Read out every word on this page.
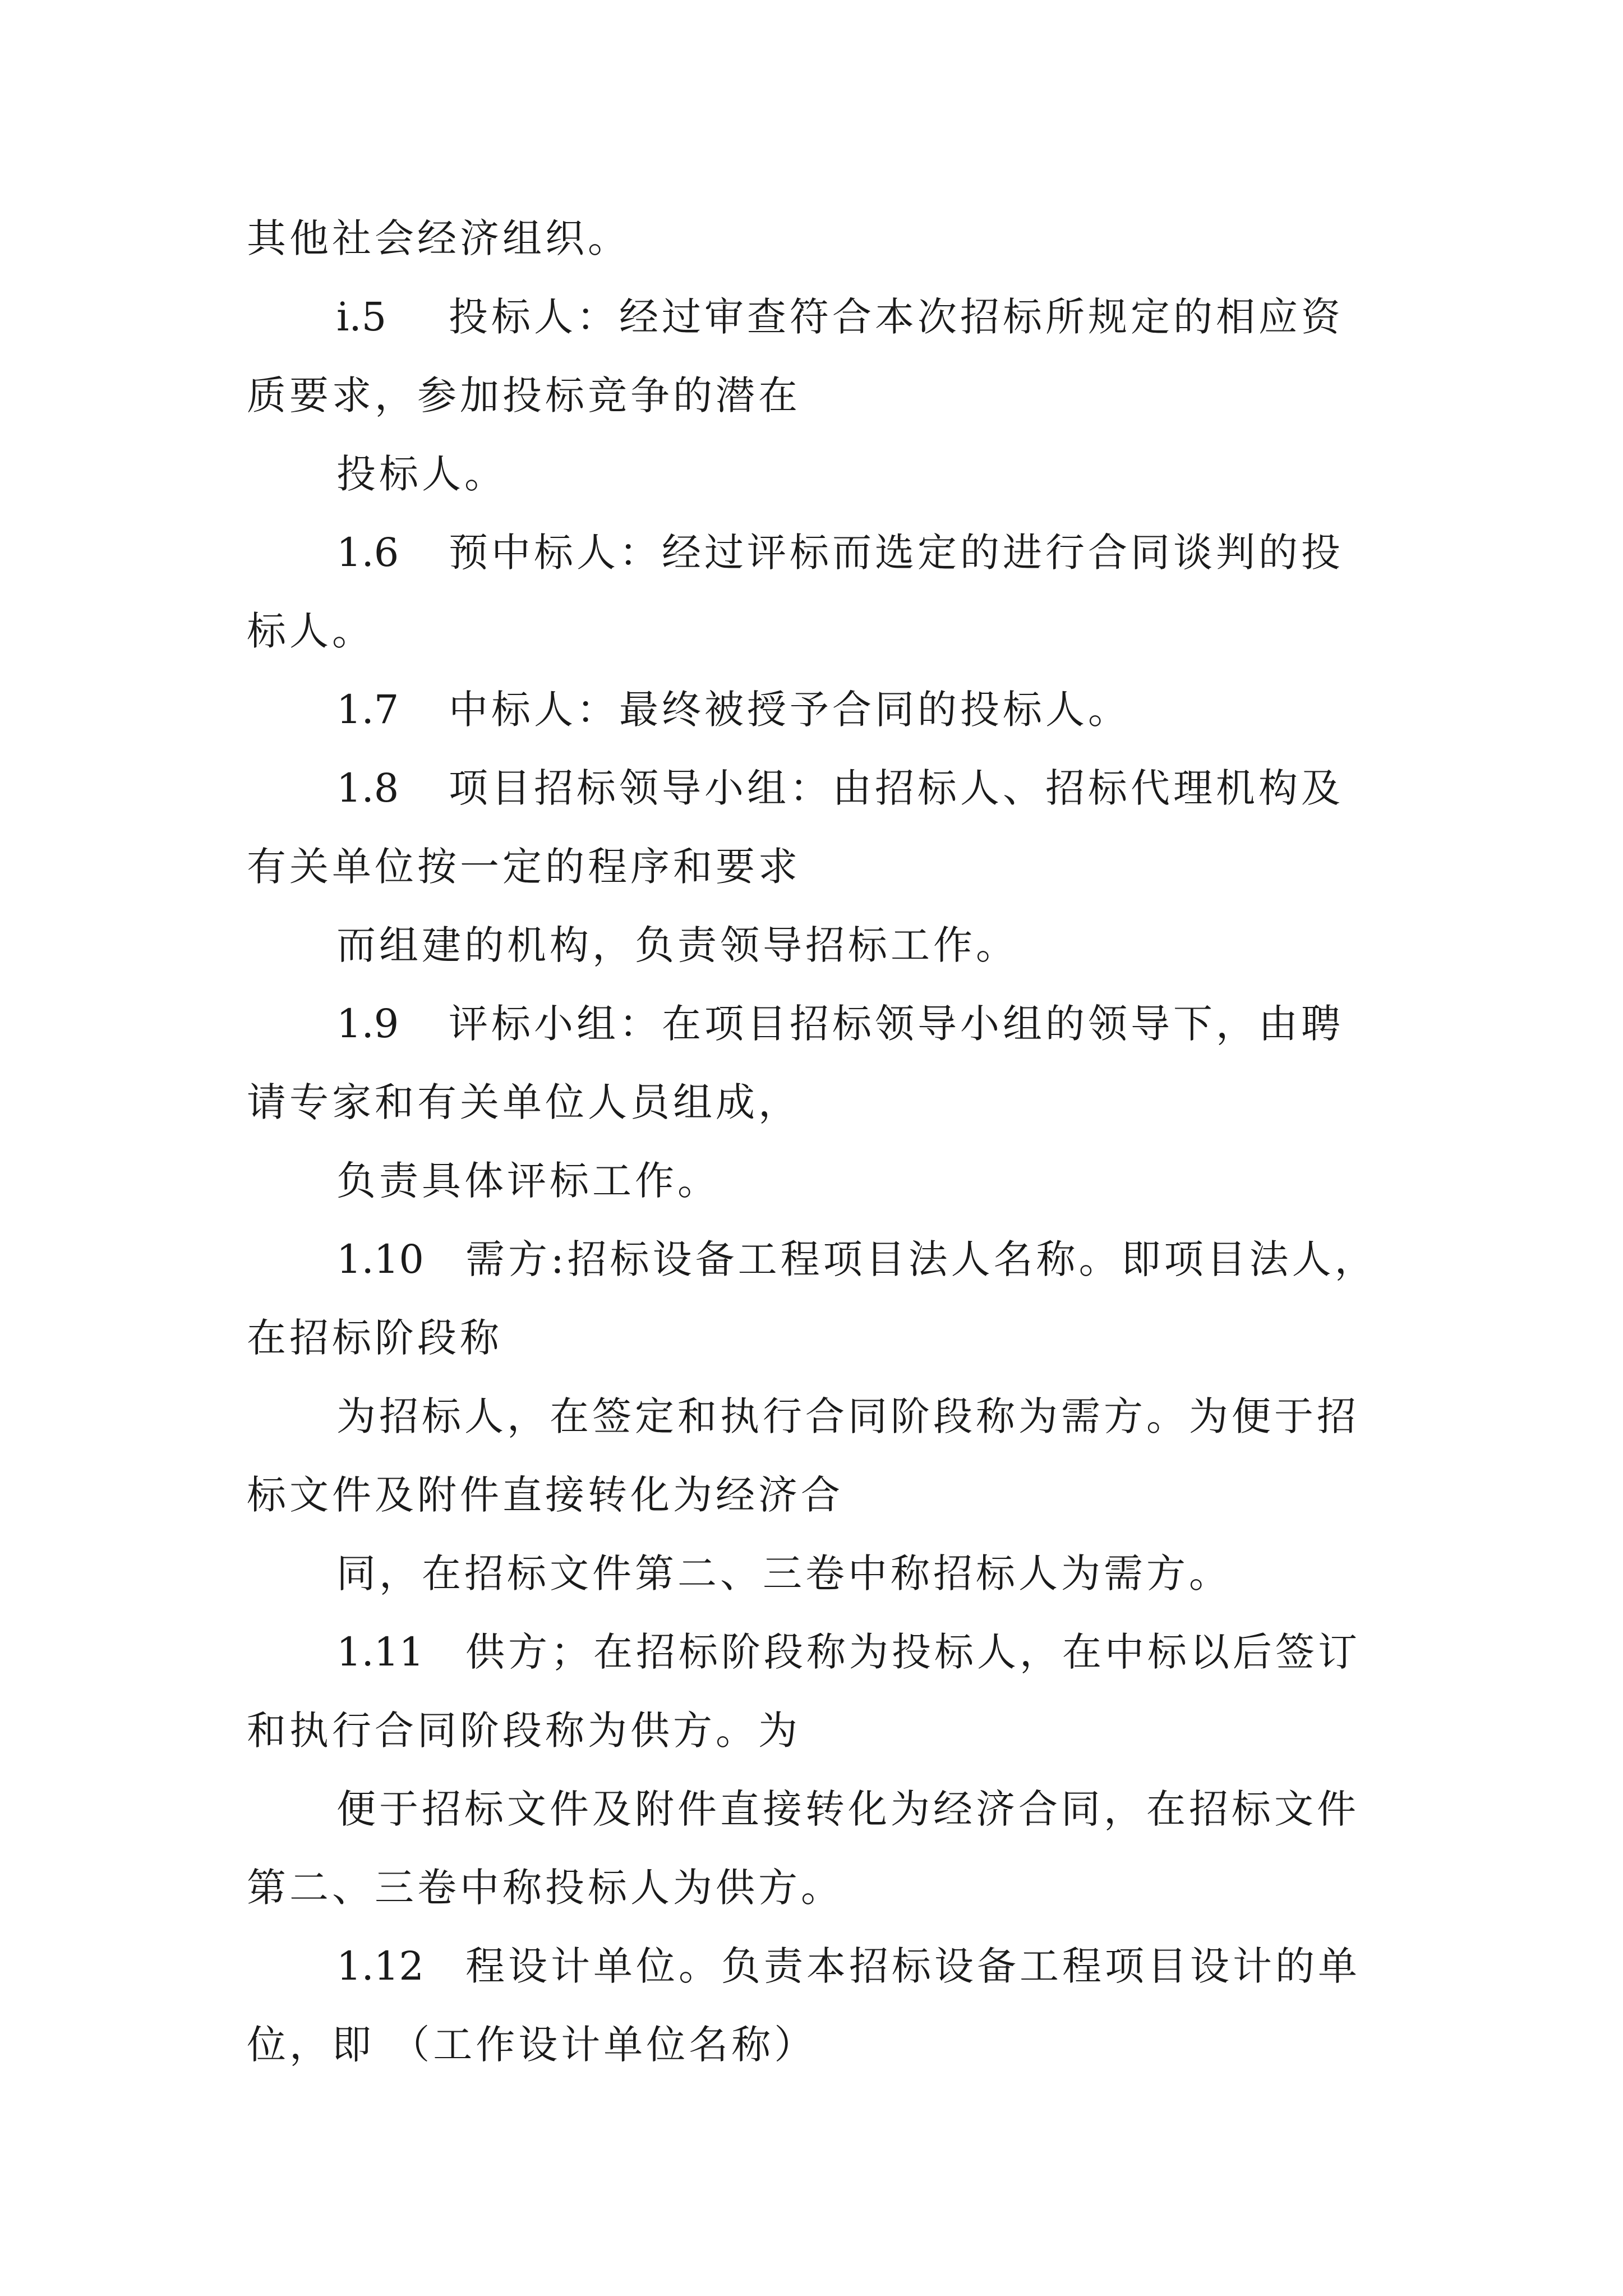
其他社会经济组织。
i.5 投标人：经过审查符合本次招标所规定的相应资
质要求，参加投标竞争的潜在
投标人。
1.6 预中标人：经过评标而选定的进行合同谈判的投
标人。
1.7 中标人：最终被授予合同的投标人。
1.8 项目招标领导小组：由招标人、招标代理机构及
有关单位按一定的程序和要求
而组建的机构，负责领导招标工作。
1.9 评标小组：在项目招标领导小组的领导下，由聘
请专家和有关单位人员组成，
负责具体评标工作。
1.10 需方:招标设备工程项目法人名称。即项目法人，
在招标阶段称
为招标人，在签定和执行合同阶段称为需方。为便于招
标文件及附件直接转化为经济合
同，在招标文件第二、三卷中称招标人为需方。
1.11 供方；在招标阶段称为投标人，在中标以后签订
和执行合同阶段称为供方。为
便于招标文件及附件直接转化为经济合同，在招标文件
第二、三卷中称投标人为供方。
1.12 程设计单位。负责本招标设备工程项目设计的单
位，即 （工作设计单位名称）
